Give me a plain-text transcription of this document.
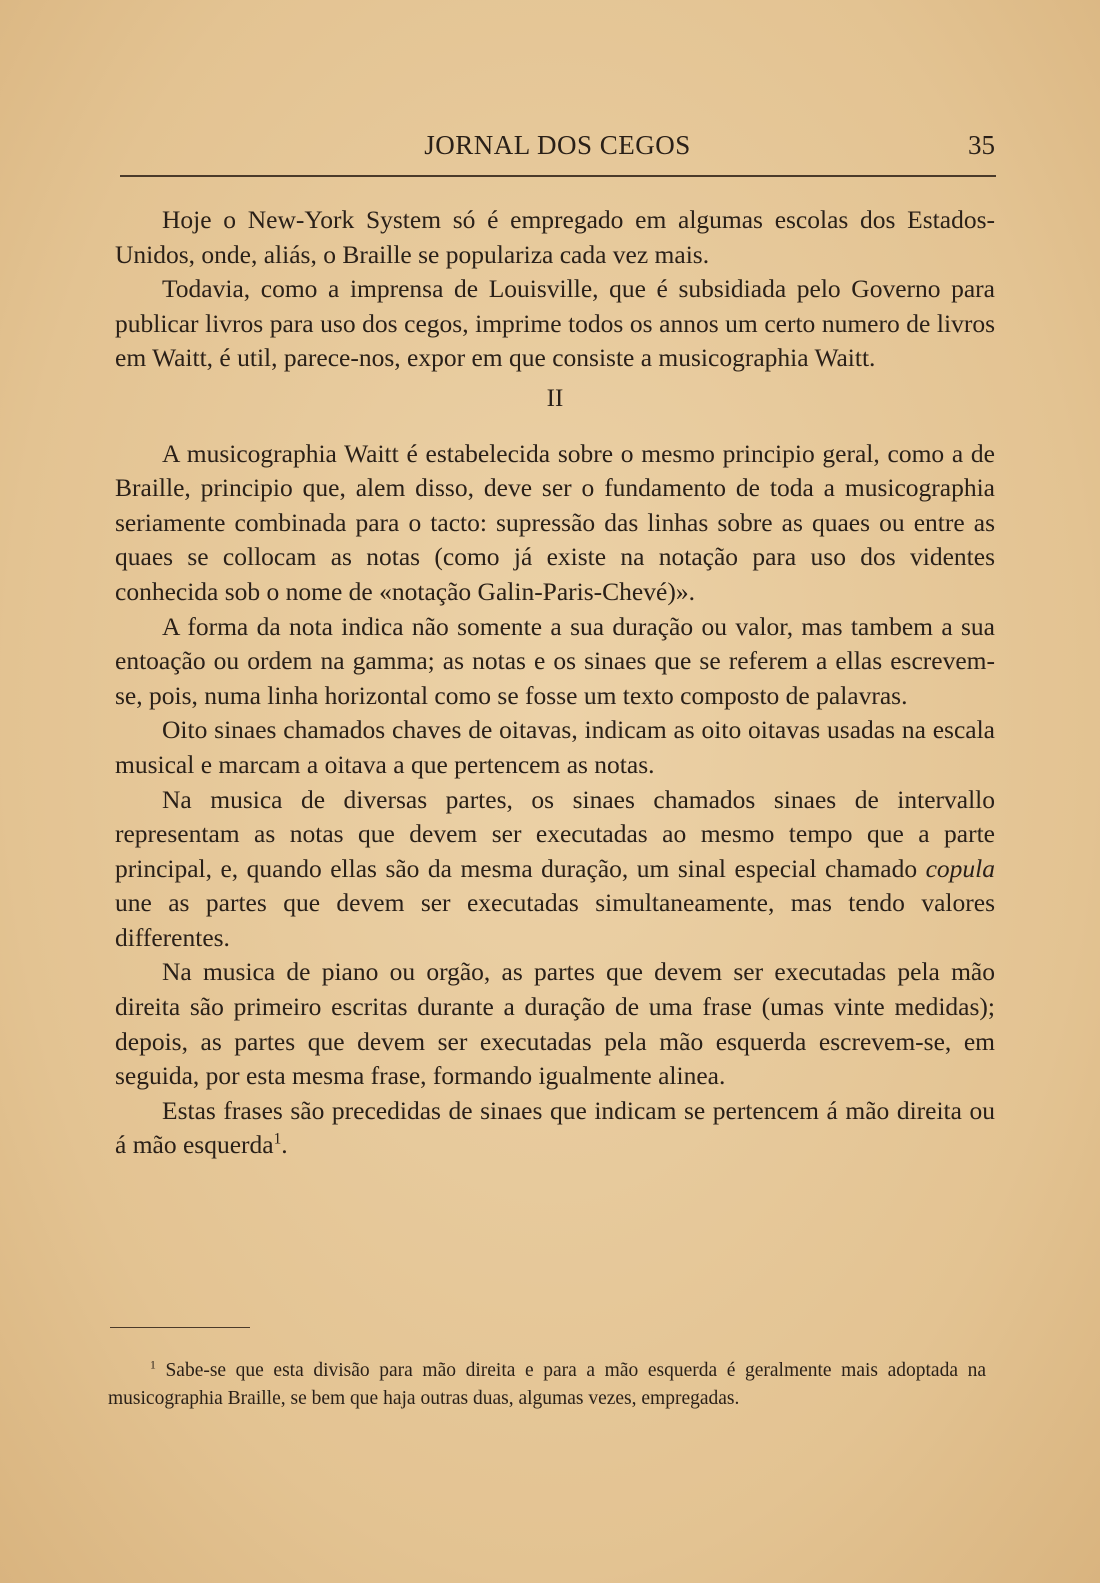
JORNAL DOS CEGOS	35

Hoje o New-York System só é empregado em algumas escolas dos Estados-Unidos, onde, aliás, o Braille se populariza cada vez mais.

Todavia, como a imprensa de Louisville, que é subsidiada pelo Governo para publicar livros para uso dos cegos, imprime todos os annos um certo numero de livros em Waitt, é util, parece-nos, expor em que consiste a musicographia Waitt.

II

A musicographia Waitt é estabelecida sobre o mesmo principio geral, como a de Braille, principio que, alem disso, deve ser o fundamento de toda a musicographia seriamente combinada para o tacto: supressão das linhas sobre as quaes ou entre as quaes se collocam as notas (como já existe na notação para uso dos videntes conhecida sob o nome de «notação Galin-Paris-Chevé)».

A forma da nota indica não somente a sua duração ou valor, mas tambem a sua entoação ou ordem na gamma; as notas e os sinaes que se referem a ellas escrevem-se, pois, numa linha horizontal como se fosse um texto composto de palavras.

Oito sinaes chamados chaves de oitavas, indicam as oito oitavas usadas na escala musical e marcam a oitava a que pertencem as notas.

Na musica de diversas partes, os sinaes chamados sinaes de intervallo representam as notas que devem ser executadas ao mesmo tempo que a parte principal, e, quando ellas são da mesma duração, um sinal especial chamado copula une as partes que devem ser executadas simultaneamente, mas tendo valores differentes.

Na musica de piano ou orgão, as partes que devem ser executadas pela mão direita são primeiro escritas durante a duração de uma frase (umas vinte medidas); depois, as partes que devem ser executadas pela mão esquerda escrevem-se, em seguida, por esta mesma frase, formando igualmente alinea.

Estas frases são precedidas de sinaes que indicam se pertencem á mão direita ou á mão esquerda$^1$.

$^1$ Sabe-se que esta divisão para mão direita e para a mão esquerda é geralmente mais adoptada na musicographia Braille, se bem que haja outras duas, algumas vezes, empregadas.
